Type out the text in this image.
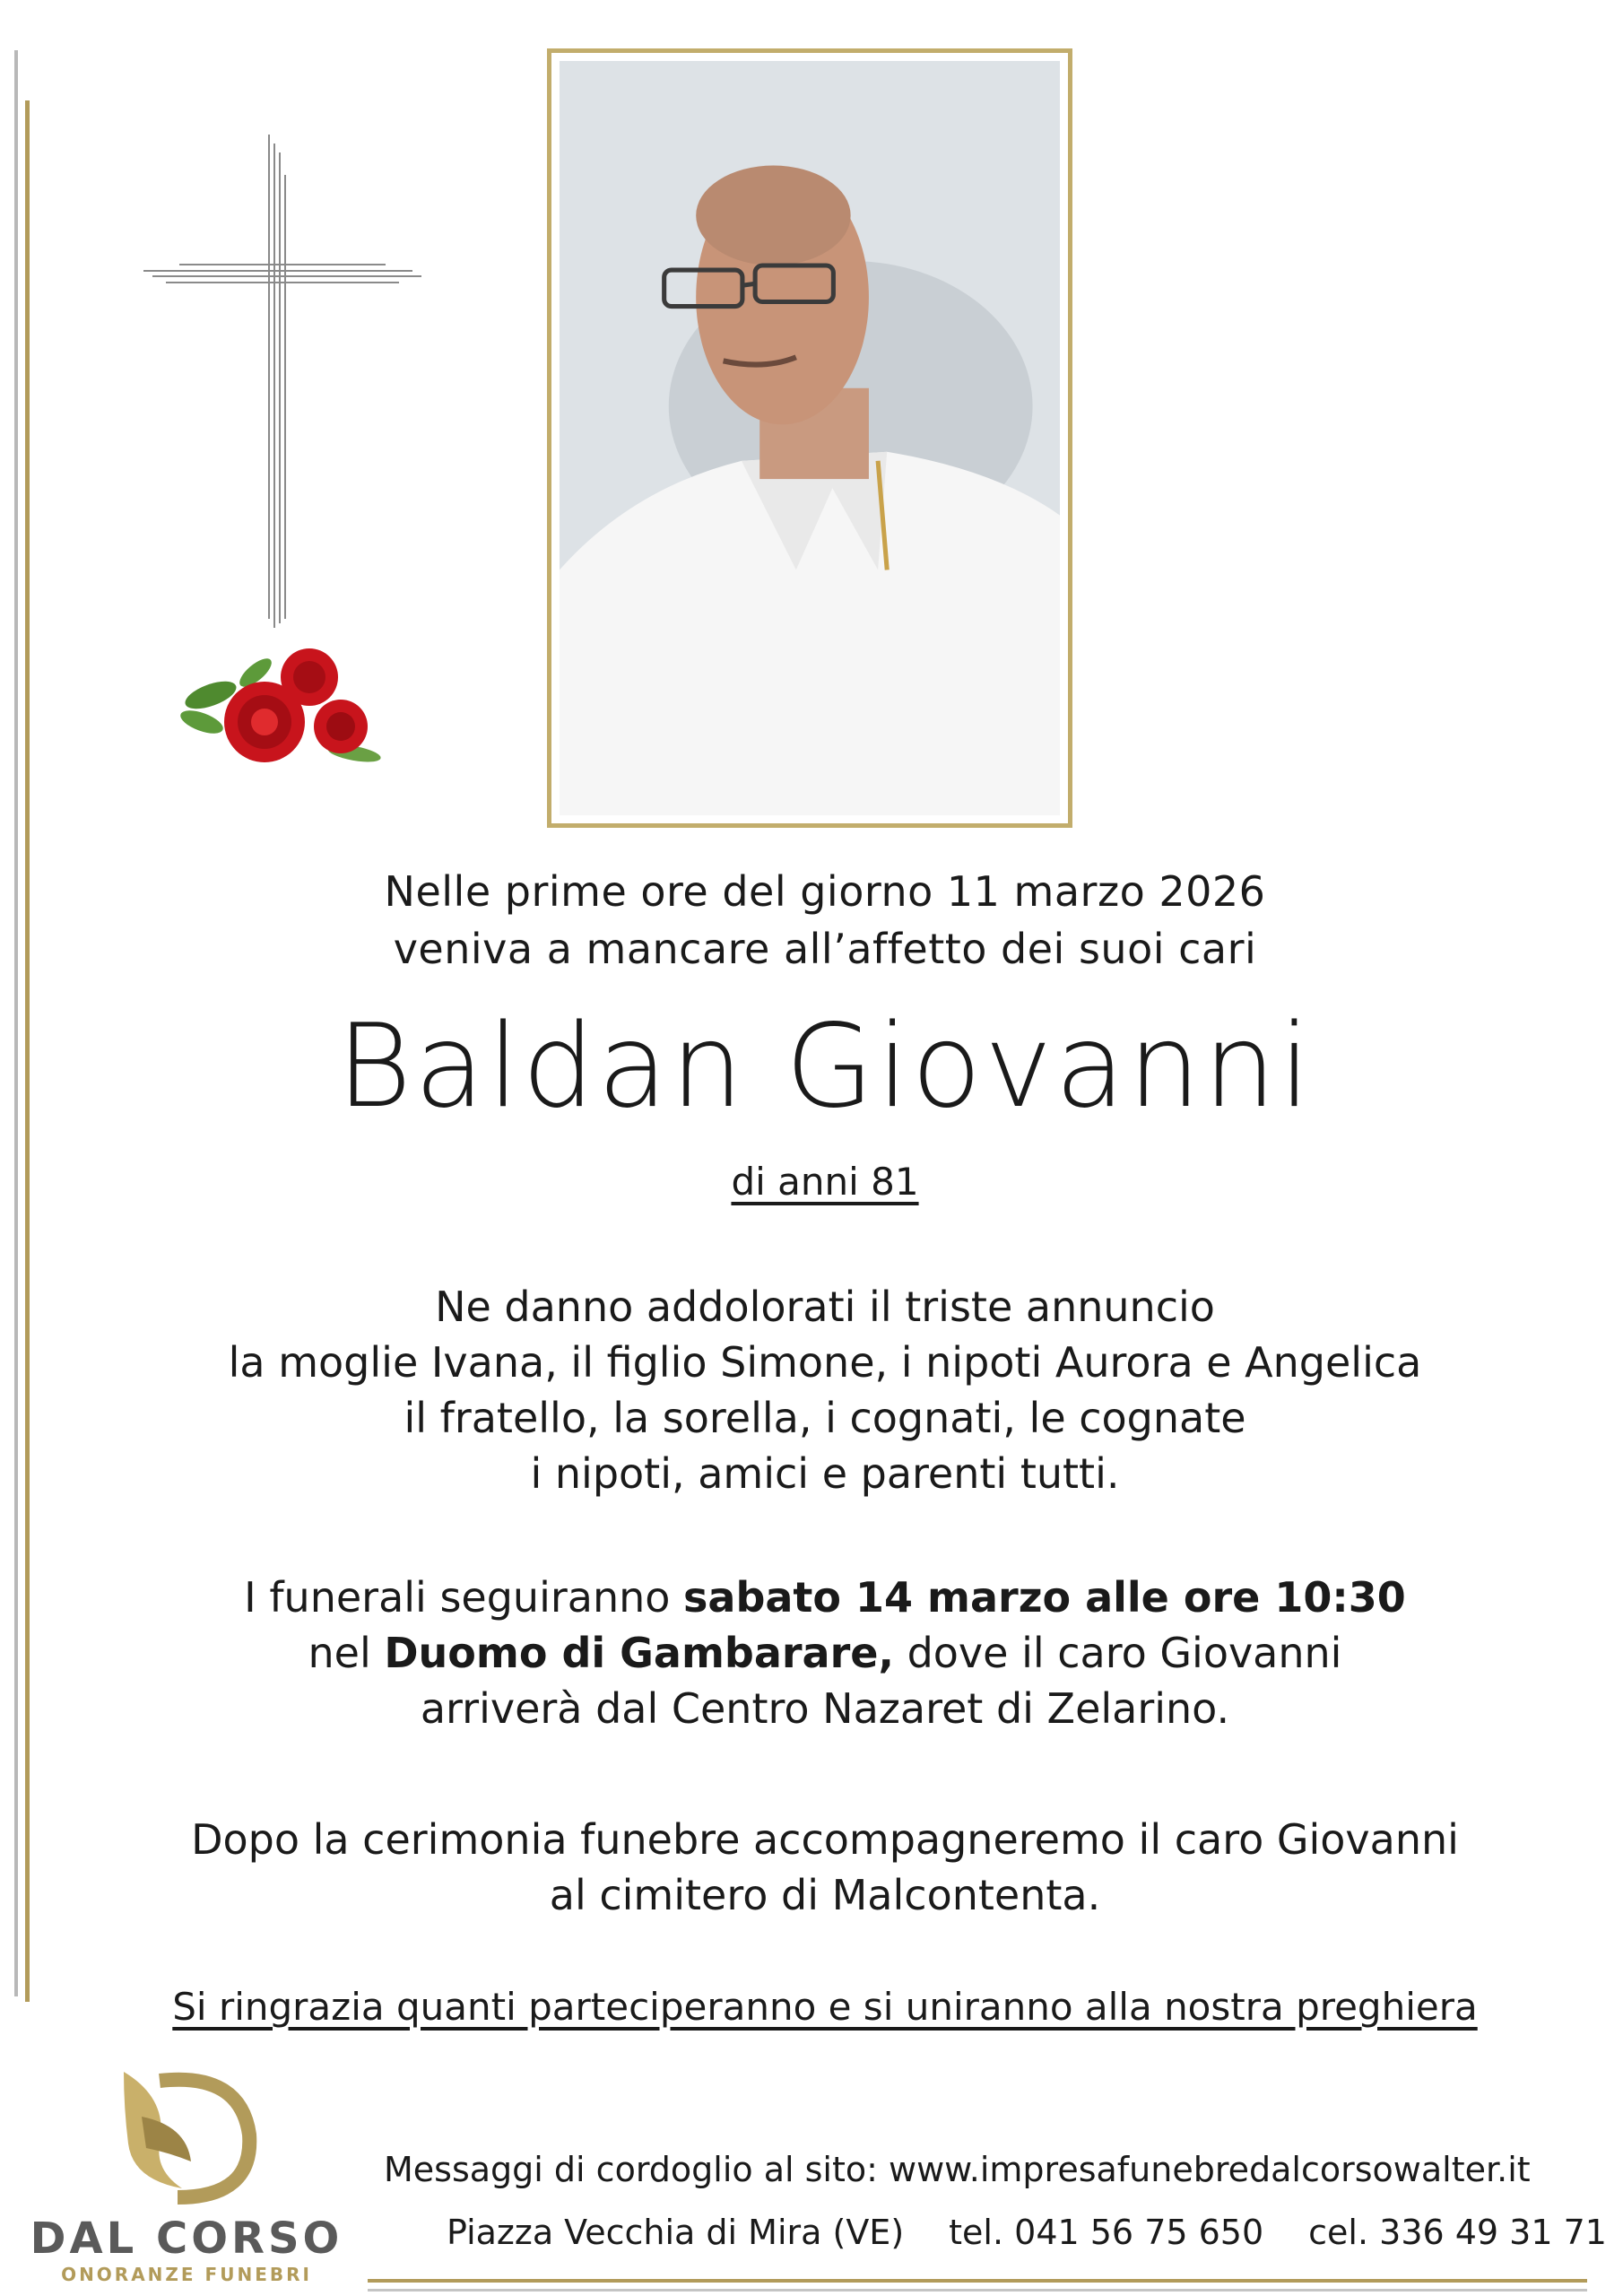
Nelle prime ore del giorno 11 marzo 2026
veniva a mancare all’affetto dei suoi cari
Baldan Giovanni
di anni 81
Ne danno addolorati il triste annuncio
la moglie Ivana, il figlio Simone, i nipoti Aurora e Angelica
il fratello, la sorella, i cognati, le cognate
i nipoti, amici e parenti tutti.
I funerali seguiranno sabato 14 marzo alle ore 10:30
nel Duomo di Gambarare, dove il caro Giovanni
arriverà dal Centro Nazaret di Zelarino.
Dopo la cerimonia funebre accompagneremo il caro Giovanni
al cimitero di Malcontenta.
Si ringrazia quanti parteciperanno e si uniranno alla nostra preghiera
DAL CORSO
ONORANZE FUNEBRI
Messaggi di cordoglio al sito: www.impresafunebredalcorsowalter.it
Piazza Vecchia di Mira (VE) tel. 041 56 75 650 cel. 336 49 31 71
